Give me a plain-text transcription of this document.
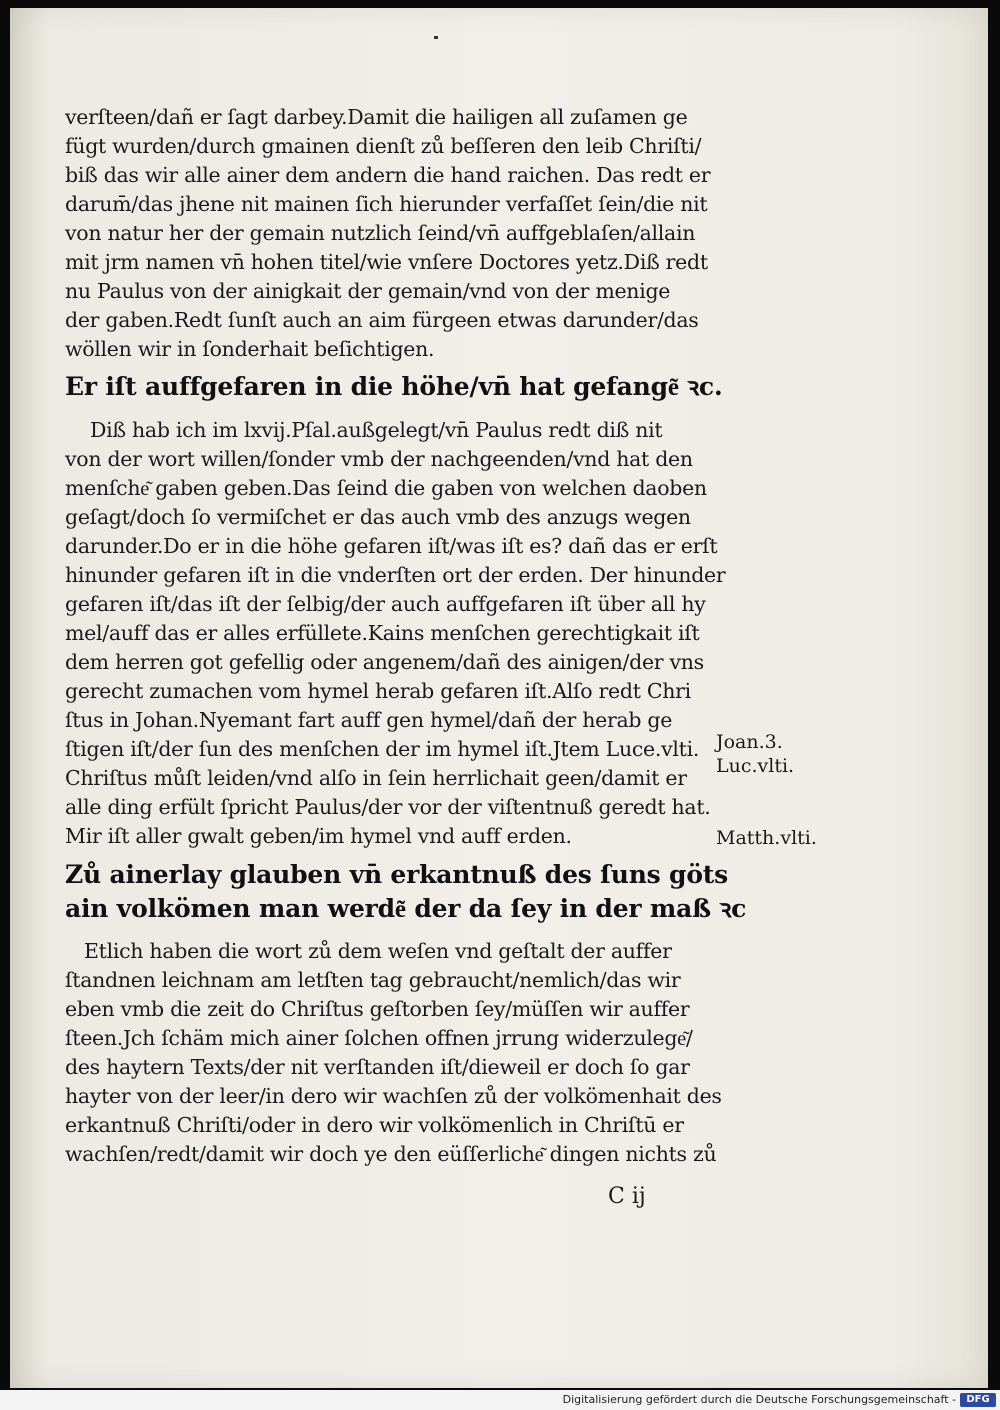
verſteen/dañ er ſagt darbey.Damit die hailigen all zuſamen ge
fügt wurden/durch gmainen dienſt zů beſſeren den leib Chriſti/
biß das wir alle ainer dem andern die hand raichen. Das redt er
darum̄/das jhene nit mainen ſich hierunder verfaſſet ſein/die nit
von natur her der gemain nutzlich ſeind/vn̄ auffgeblaſen/allain
mit jrm namen vn̄ hohen titel/wie vnſere Doctores yetz.Diß redt
nu Paulus von der ainigkait der gemain/vnd von der menige
der gaben.Redt ſunſt auch an aim fürgeen etwas darunder/das
wöllen wir in ſonderhait beſichtigen.
Er iſt auffgefaren in die höhe/vn̄ hat gefange͂ ꝛc.
Diß hab ich im lxvij.Pſal.außgelegt/vn̄ Paulus redt diß nit
von der wort willen/ſonder vmb der nachgeenden/vnd hat den
menſche͂ gaben geben.Das ſeind die gaben von welchen daoben
geſagt/doch ſo vermiſchet er das auch vmb des anzugs wegen
darunder.Do er in die höhe gefaren iſt/was iſt es? dañ das er erſt
hinunder gefaren iſt in die vnderſten ort der erden. Der hinunder
gefaren iſt/das iſt der ſelbig/der auch auffgefaren iſt über all hy
mel/auff das er alles erfüllete.Kains menſchen gerechtigkait iſt
dem herren got gefellig oder angenem/dañ des ainigen/der vns
gerecht zumachen vom hymel herab gefaren iſt.Alſo redt Chri
ſtus in Johan.Nyemant fart auff gen hymel/dañ der herab ge
ſtigen iſt/der ſun des menſchen der im hymel iſt.Jtem Luce.vlti.
Chriſtus můſt leiden/vnd alſo in ſein herrlichait geen/damit er
alle ding erfült ſpricht Paulus/der vor der viſtentnuß geredt hat.
Mir iſt aller gwalt geben/im hymel vnd auff erden.
Zů ainerlay glauben vn̄ erkantnuß des ſuns göts
ain volkömen man werde͂ der da ſey in der maß ꝛc
Etlich haben die wort zů dem weſen vnd geſtalt der auffer
ſtandnen leichnam am letſten tag gebraucht/nemlich/das wir
eben vmb die zeit do Chriſtus geſtorben ſey/müſſen wir auffer
ſteen.Jch ſchäm mich ainer ſolchen offnen jrrung widerzulege͂/
des haytern Texts/der nit verſtanden iſt/dieweil er doch ſo gar
hayter von der leer/in dero wir wachſen zů der volkömenhait des
erkantnuß Chriſti/oder in dero wir volkömenlich in Chriſtū er
wachſen/redt/damit wir doch ye den eüſſerliche͂ dingen nichts zů
C ij
Joan.3.
Luc.vlti.
Matth.vlti.
Digitalisierung gefördert durch die Deutsche Forschungsgemeinschaft -	DFG
